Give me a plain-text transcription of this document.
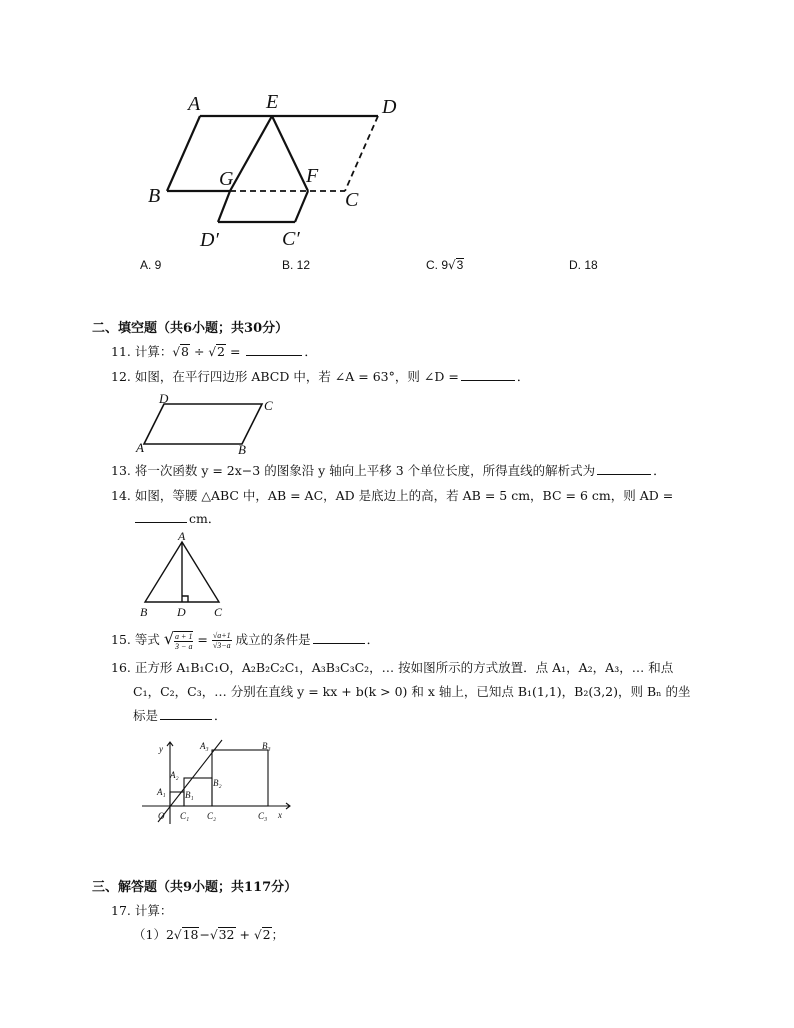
A	E	D
B
G	F
C
D′	C′
A. 9	B. 12	C. 9√3	D. 18
二、填空题（共6小题；共30分）
11. 计算：√8 ÷ √2 =	．
12. 如图，在平行四边形 ABCD 中，若 ∠A = 63°，则 ∠D =	．
D	C
A	B
13. 将一次函数 y = 2x−3 的图象沿 y 轴向上平移 3 个单位长度，所得直线的解析式为	．
14. 如图，等腰 △ABC 中，AB = AC，AD 是底边上的高，若 AB = 5 cm，BC = 6 cm，则 AD =
cm．
A
B D C
15. 等式 √ $\frac{a + 1}{3 - a} = \frac{√a+1}{√3-a}$ 成立的条件是	．
16. 正方形 A₁B₁C₁O，A₂B₂C₂C₁，A₃B₃C₃C₂，… 按如图所示的方式放置．点 A₁，A₂，A₃，… 和点
C₁，C₂，C₃，… 分别在直线 y = kx + b(k > 0) 和 x 轴上，已知点 B₁(1,1)，B₂(3,2)，则 Bₙ 的坐
标是	．
y
x
O
A₁
A₂
A₃
B₁
B₂
B₃
C₁ C₂	C₃
三、解答题（共9小题；共117分）
17. 计算：
（1）2√18−√32 + √2；
